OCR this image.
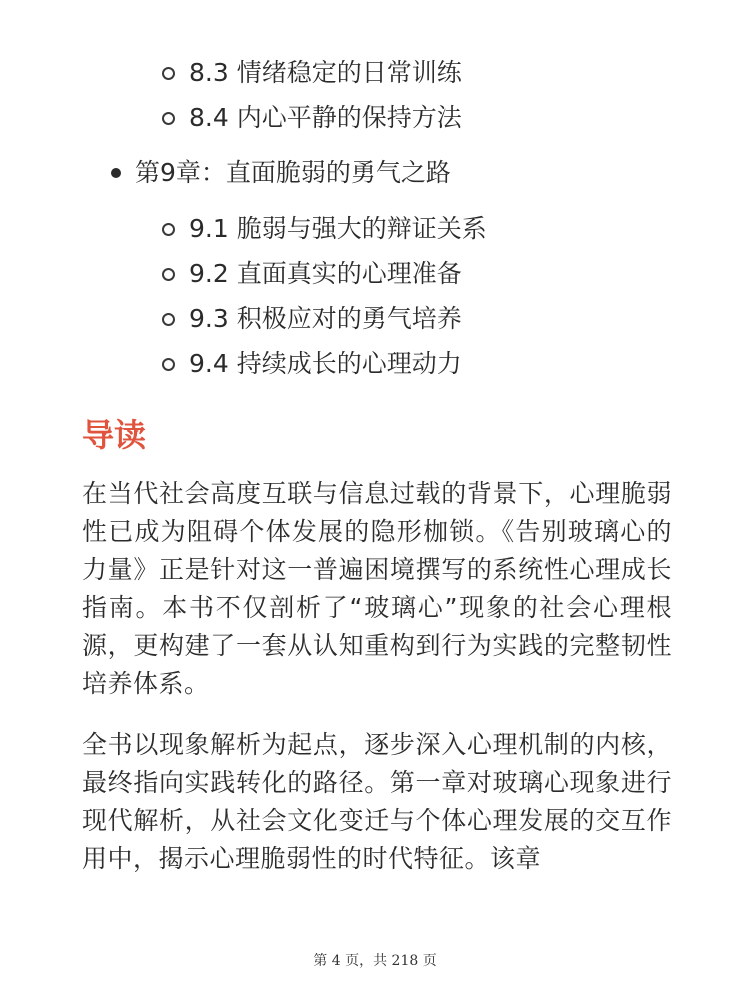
8.3 情绪稳定的日常训练
8.4 内心平静的保持方法
第9章：直面脆弱的勇气之路
9.1 脆弱与强大的辩证关系
9.2 直面真实的心理准备
9.3 积极应对的勇气培养
9.4 持续成长的心理动力
导读

在当代社会高度互联与信息过载的背景下，心理脆弱性已成为阻碍个体发展的隐形枷锁。《告别玻璃心的力量》正是针对这一普遍困境撰写的系统性心理成长指南。本书不仅剖析了“玻璃心”现象的社会心理根源，更构建了一套从认知重构到行为实践的完整韧性培养体系。

全书以现象解析为起点，逐步深入心理机制的内核，最终指向实践转化的路径。第一章对玻璃心现象进行现代解析，从社会文化变迁与个体心理发展的交互作用中，揭示心理脆弱性的时代特征。该章

第 4 页，共 218 页
